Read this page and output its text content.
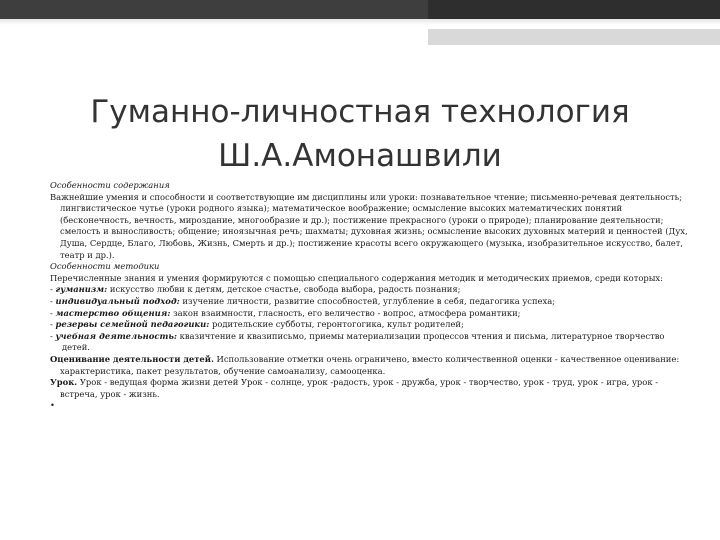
Гуманно-личностная технология
Ш.А.Амонашвили

Особенности содержания

Важнейшие умения и способности и соответствующие им дисциплины или уроки: познавательное чтение; письменно-речевая деятельность; лингвистическое чутье (уроки родного языка); математическое воображение; осмысление высоких математических понятий (бесконечность, вечность, мироздание, многообразие и др.); постижение прекрасного (уроки о природе); планирование деятельности; смелость и выносливость; общение; иноязычная речь; шахматы; духовная жизнь; осмысление высоких духовных материй и ценностей (Дух, Душа, Сердце, Благо, Любовь, Жизнь, Смерть и др.); постижение красоты всего окружающего (музыка, изобразительное искусство, балет, театр и др.).

Особенности методики

Перечисленные знания и умения формируются с помощью специального содержания методик и методических приемов, среди которых:

- гуманизм: искусство любви к детям, детское счастье, свобода выбора, радость познания;

- индивидуальный подход: изучение личности, развитие способностей, углубление в себя, педагогика успеха;

- мастерство общения: закон взаимности, гласность, его величество - вопрос, атмосфера романтики;

- резервы семейной педагогики: родительские субботы, геронтогогика, культ родителей;

- учебная деятельность: квазичтение и квазиписьмо, приемы материализации процессов чтения и письма, литературное творчество детей.

Оценивание деятельности детей. Использование отметки очень ограничено, вместо количественной оценки - качественное оценивание: характеристика, пакет результатов, обучение самоанализу, самооценка.

Урок. Урок - ведущая форма жизни детей Урок - солнце, урок -радость, урок - дружба, урок - творчество, урок - труд, урок - игра, урок - встреча, урок - жизнь.

•
